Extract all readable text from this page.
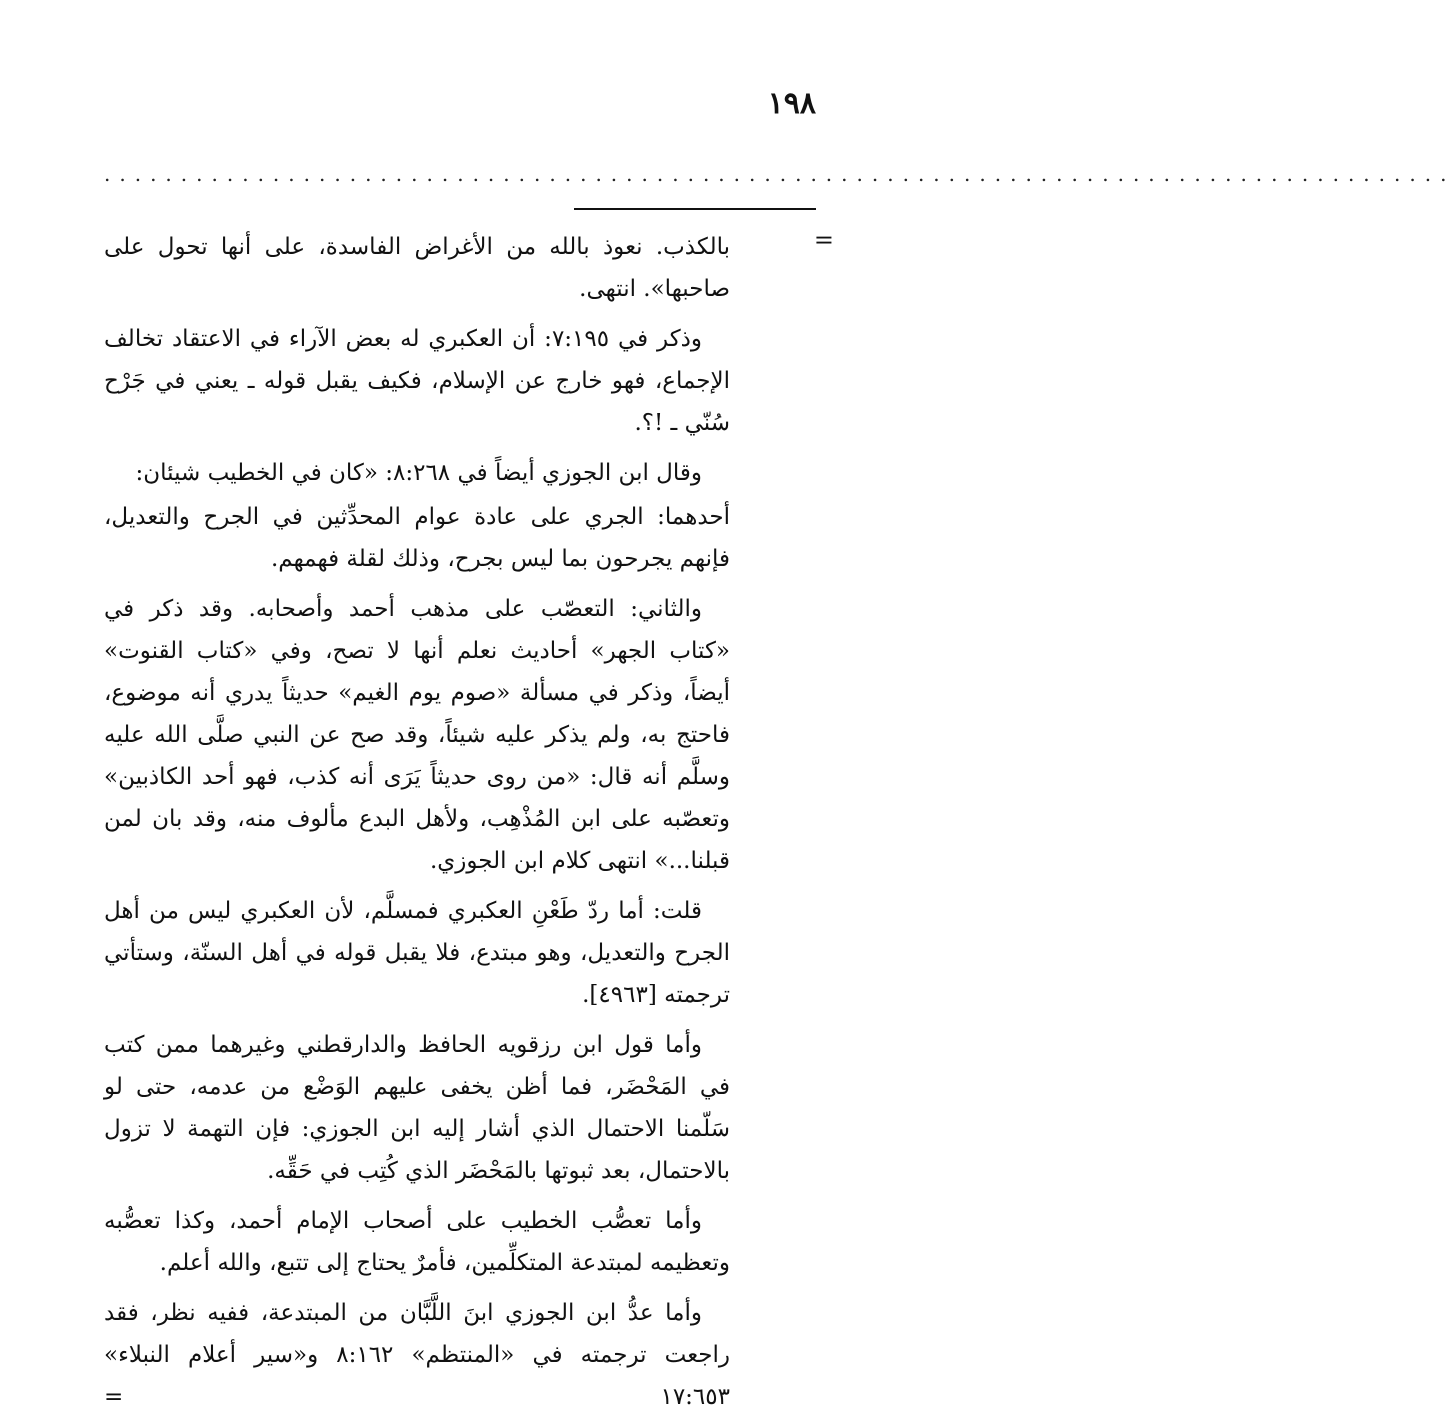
١٩٨
........................................................................................
=

بالكذب. نعوذ بالله من الأغراض الفاسدة، على أنها تحول على صاحبها». انتهى.

وذكر في ٧:١٩٥: أن العكبري له بعض الآراء في الاعتقاد تخالف الإجماع، فهو خارج عن الإسلام، فكيف يقبل قوله ـ يعني في جَرْح سُنّي ـ !؟.

وقال ابن الجوزي أيضاً في ٨:٢٦٨: «كان في الخطيب شيئان:

أحدهما: الجري على عادة عوام المحدِّثين في الجرح والتعديل، فإنهم يجرحون بما ليس بجرح، وذلك لقلة فهمهم.

والثاني: التعصّب على مذهب أحمد وأصحابه. وقد ذكر في «كتاب الجهر» أحاديث نعلم أنها لا تصح، وفي «كتاب القنوت» أيضاً، وذكر في مسألة «صوم يوم الغيم» حديثاً يدري أنه موضوع، فاحتج به، ولم يذكر عليه شيئاً، وقد صح عن النبي صلَّى الله عليه وسلَّم أنه قال: «من روى حديثاً يَرَى أنه كذب، فهو أحد الكاذبين» وتعصّبه على ابن المُذْهِب، ولأهل البدع مألوف منه، وقد بان لمن قبلنا...» انتهى كلام ابن الجوزي.

قلت: أما ردّ طَعْنِ العكبري فمسلَّم، لأن العكبري ليس من أهل الجرح والتعديل، وهو مبتدع، فلا يقبل قوله في أهل السنّة، وستأتي ترجمته [٤٩٦٣].

وأما قول ابن رزقويه الحافظ والدارقطني وغيرهما ممن كتب في المَحْضَر، فما أظن يخفى عليهم الوَضْع من عدمه، حتى لو سَلّمنا الاحتمال الذي أشار إليه ابن الجوزي: فإن التهمة لا تزول بالاحتمال، بعد ثبوتها بالمَحْضَر الذي كُتِب في حَقِّه.

وأما تعصُّب الخطيب على أصحاب الإمام أحمد، وكذا تعصُّبه وتعظيمه لمبتدعة المتكلِّمين، فأمرٌ يحتاج إلى تتبع، والله أعلم.

وأما عدُّ ابن الجوزي ابنَ اللَّبَّان من المبتدعة، ففيه نظر، فقد راجعت ترجمته في «المنتظم» ٨:١٦٢ و«سير أعلام النبلاء» ١٧:٦٥٣ =
